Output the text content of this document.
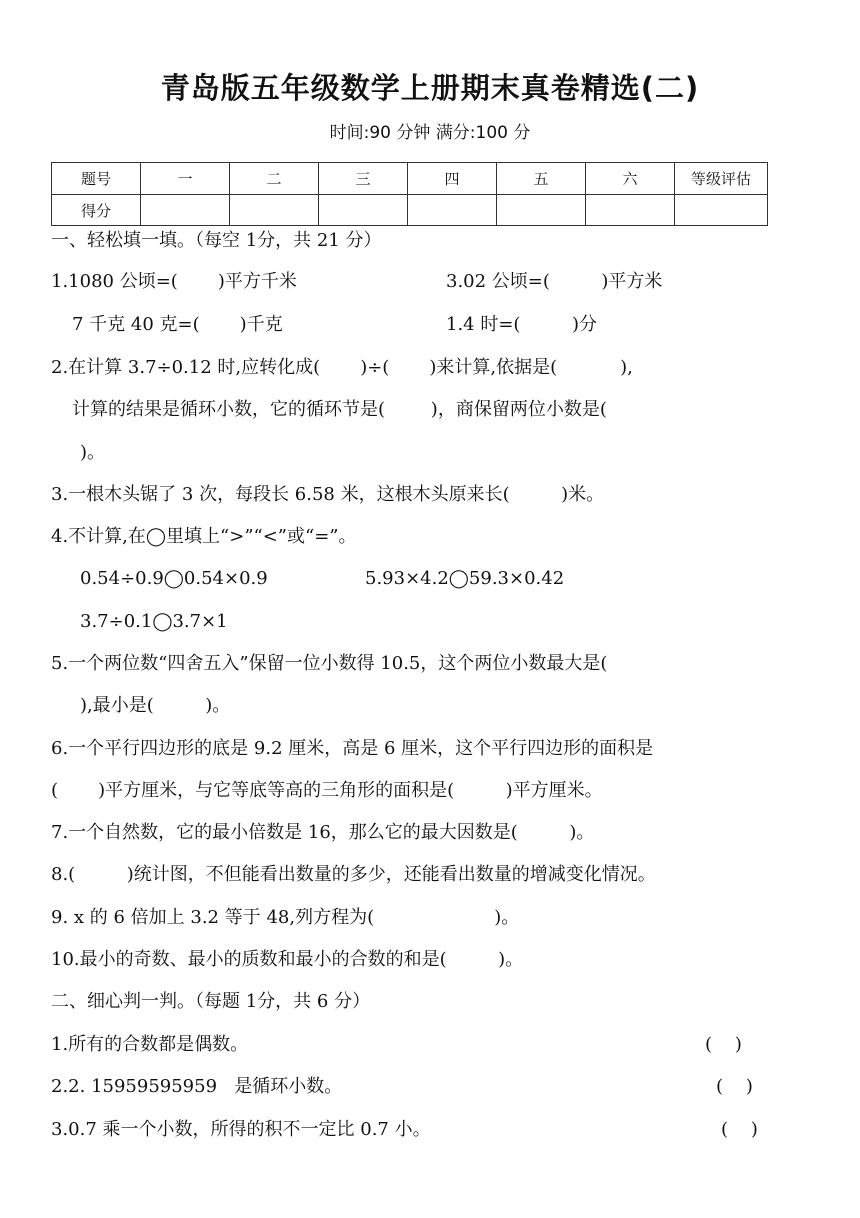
青岛版五年级数学上册期末真卷精选(二)
时间:90 分钟 满分:100 分
题号	一	二	三	四	五	六	等级评估
得分							
一、轻松填一填。（每空 1分，共 21 分）
1.1080 公顷=(       )平方千米	3.02 公顷=(         )平方米
7 千克 40 克=(       )千克	1.4 时=(         )分
2.在计算 3.7÷0.12 时,应转化成(       )÷(       )来计算,依据是(           ),
计算的结果是循环小数，它的循环节是(        )，商保留两位小数是(
)。
3.一根木头锯了 3 次，每段长 6.58 米，这根木头原来长(         )米。
4.不计算,在◯里填上“>”“<”或“=”。
0.54÷0.9◯0.54×0.9	5.93×4.2◯59.3×0.42
3.7÷0.1◯3.7×1
5.一个两位数“四舍五入”保留一位小数得 10.5，这个两位小数最大是(
),最小是(         )。
6.一个平行四边形的底是 9.2 厘米，高是 6 厘米，这个平行四边形的面积是
(       )平方厘米，与它等底等高的三角形的面积是(         )平方厘米。
7.一个自然数，它的最小倍数是 16，那么它的最大因数是(         )。
8.(         )统计图，不但能看出数量的多少，还能看出数量的增减变化情况。
9. x 的 6 倍加上 3.2 等于 48,列方程为(                     )。
10.最小的奇数、最小的质数和最小的合数的和是(         )。
二、细心判一判。（每题 1分，共 6 分）
1.所有的合数都是偶数。	(    )
2.2. 15959595959   是循环小数。	(    )
3.0.7 乘一个小数，所得的积不一定比 0.7 小。	(    )
